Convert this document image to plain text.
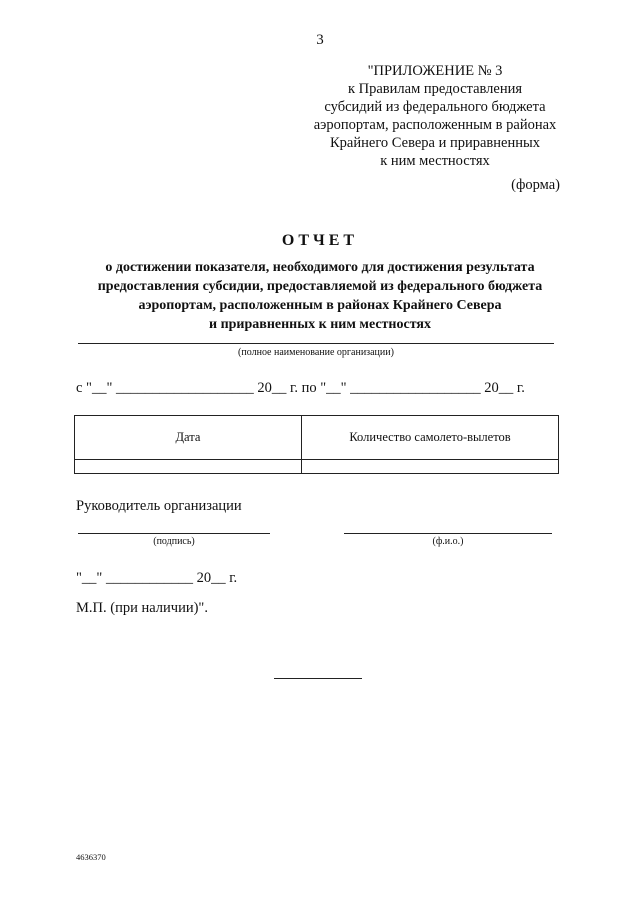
3
"ПРИЛОЖЕНИЕ № 3
к Правилам предоставления
субсидий из федерального бюджета
аэропортам, расположенным в районах
Крайнего Севера и приравненных
к ним местностях
(форма)
ОТЧЕТ
о достижении показателя, необходимого для достижения результата
предоставления субсидии, предоставляемой из федерального бюджета
аэропортам, расположенным в районах Крайнего Севера
и приравненных к ним местностях
(полное наименование организации)
с "__" ___________________ 20__ г. по "__" __________________ 20__ г.
Дата	Количество самолето-вылетов

Руководитель организации
(подпись)	(ф.и.о.)
"__" ____________ 20__ г.
М.П. (при наличии)".
4636370
